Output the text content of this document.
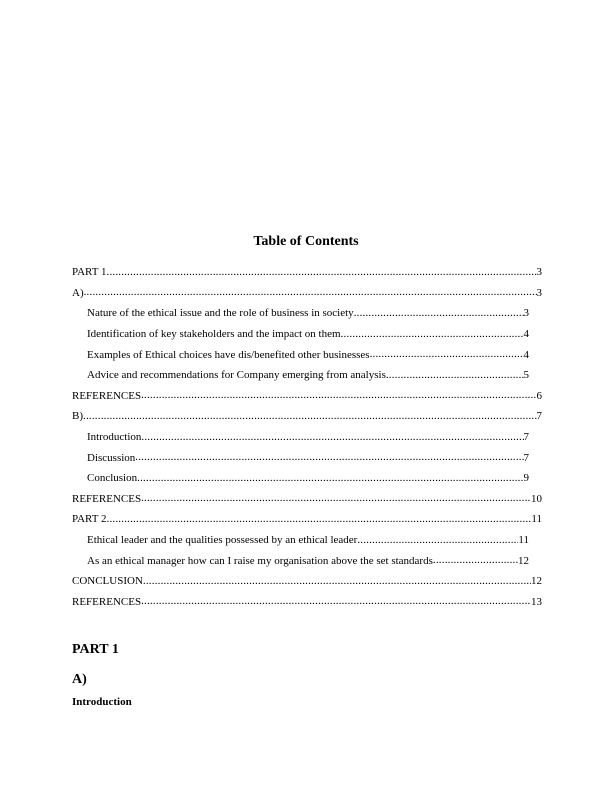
Table of Contents
PART 1 .....	3
A) .....	3
Nature of the ethical issue and the role of business in society .....	3
Identification of key stakeholders and the impact on them .....	4
Examples of Ethical choices have dis/benefited other businesses .....	4
Advice and recommendations for Company emerging from analysis .....	5
REFERENCES .....	6
B) .....	7
Introduction .....	7
Discussion .....	7
Conclusion .....	9
REFERENCES .....	10
PART 2 .....	11
Ethical leader and the qualities possessed by an ethical leader .....	11
As an ethical manager how can I raise my organisation above the set standards .....	12
CONCLUSION .....	12
REFERENCES .....	13
PART 1
A)
Introduction
